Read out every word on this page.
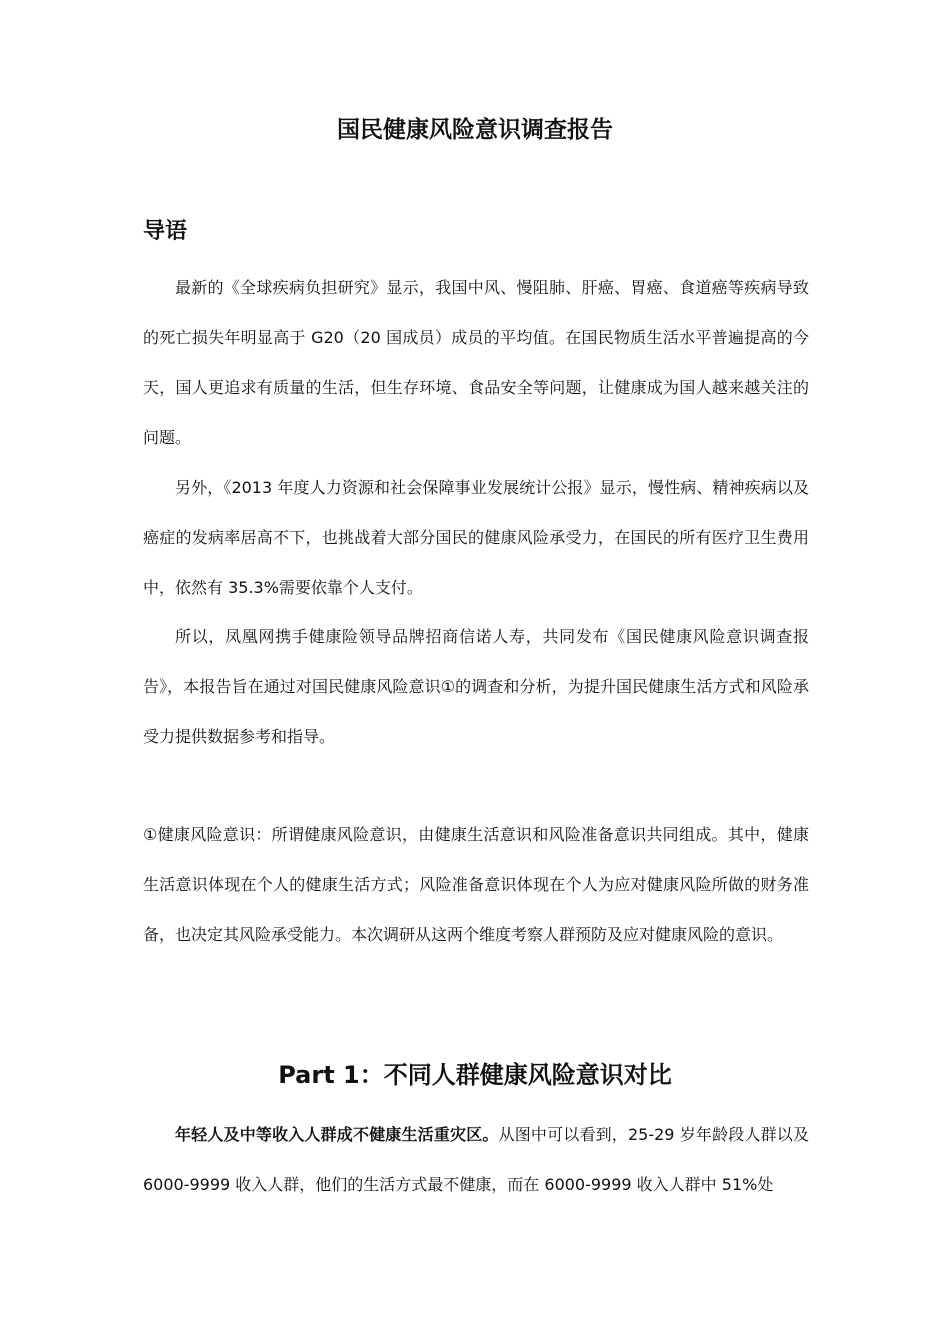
国民健康风险意识调查报告
导语

最新的《全球疾病负担研究》显示，我国中风、慢阻肺、肝癌、胃癌、食道癌等疾病导致的死亡损失年明显高于 G20（20 国成员）成员的平均值。在国民物质生活水平普遍提高的今天，国人更追求有质量的生活，但生存环境、食品安全等问题，让健康成为国人越来越关注的问题。

另外，《2013 年度人力资源和社会保障事业发展统计公报》显示，慢性病、精神疾病以及癌症的发病率居高不下，也挑战着大部分国民的健康风险承受力，在国民的所有医疗卫生费用中，依然有 35.3%需要依靠个人支付。

所以，凤凰网携手健康险领导品牌招商信诺人寿，共同发布《国民健康风险意识调查报告》，本报告旨在通过对国民健康风险意识①的调查和分析，为提升国民健康生活方式和风险承受力提供数据参考和指导。

①健康风险意识：所谓健康风险意识，由健康生活意识和风险准备意识共同组成。其中，健康生活意识体现在个人的健康生活方式；风险准备意识体现在个人为应对健康风险所做的财务准备，也决定其风险承受能力。本次调研从这两个维度考察人群预防及应对健康风险的意识。

Part 1：不同人群健康风险意识对比

年轻人及中等收入人群成不健康生活重灾区。从图中可以看到，25-29 岁年龄段人群以及 6000-9999 收入人群，他们的生活方式最不健康，而在 6000-9999 收入人群中 51%处
